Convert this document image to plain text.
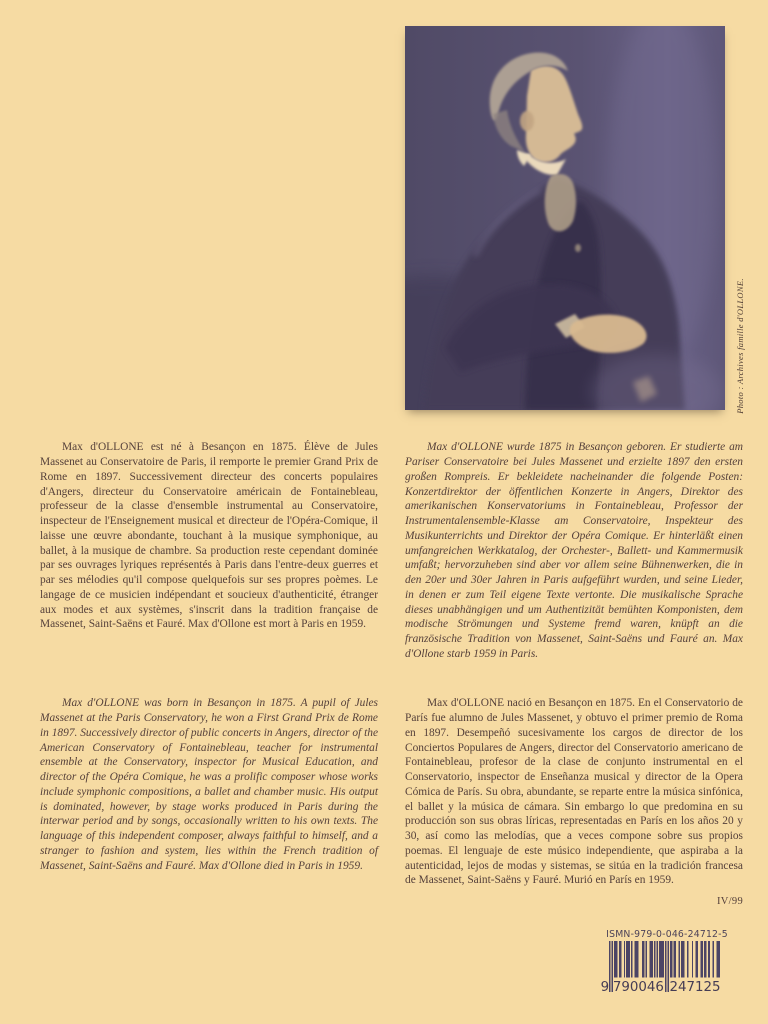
Photo : Archives famille d'OLLONE.

Max d'OLLONE est né à Besançon en 1875. Élève de Jules Massenet au Conservatoire de Paris, il remporte le premier Grand Prix de Rome en 1897. Successivement directeur des concerts populaires d'Angers, directeur du Conservatoire américain de Fontainebleau, professeur de la classe d'ensemble instrumental au Conservatoire, inspecteur de l'Enseignement musical et directeur de l'Opéra-Comique, il laisse une œuvre abondante, touchant à la musique symphonique, au ballet, à la musique de chambre. Sa production reste cependant dominée par ses ouvrages lyriques représentés à Paris dans l'entre-deux guerres et par ses mélodies qu'il compose quelquefois sur ses propres poèmes. Le langage de ce musicien indépendant et soucieux d'authenticité, étranger aux modes et aux systèmes, s'inscrit dans la tradition française de Massenet, Saint-Saëns et Fauré. Max d'Ollone est mort à Paris en 1959.

Max d'OLLONE wurde 1875 in Besançon geboren. Er studierte am Pariser Conservatoire bei Jules Massenet und erzielte 1897 den ersten großen Rompreis. Er bekleidete nacheinander die folgende Posten: Konzertdirektor der öffentlichen Konzerte in Angers, Direktor des amerikanischen Konservatoriums in Fontainebleau, Professor der Instrumentalensemble-Klasse am Conservatoire, Inspekteur des Musikunterrichts und Direktor der Opéra Comique. Er hinterläßt einen umfangreichen Werkkatalog, der Orchester-, Ballett- und Kammermusik umfaßt; hervorzuheben sind aber vor allem seine Bühnenwerken, die in den 20er und 30er Jahren in Paris aufgeführt wurden, und seine Lieder, in denen er zum Teil eigene Texte vertonte. Die musikalische Sprache dieses unabhängigen und um Authentizität bemühten Komponisten, dem modische Strömungen und Systeme fremd waren, knüpft an die französische Tradition von Massenet, Saint-Saëns und Fauré an. Max d'Ollone starb 1959 in Paris.

Max d'OLLONE was born in Besançon in 1875. A pupil of Jules Massenet at the Paris Conservatory, he won a First Grand Prix de Rome in 1897. Successively director of public concerts in Angers, director of the American Conservatory of Fontainebleau, teacher for instrumental ensemble at the Conservatory, inspector for Musical Education, and director of the Opéra Comique, he was a prolific composer whose works include symphonic compositions, a ballet and chamber music. His output is dominated, however, by stage works produced in Paris during the interwar period and by songs, occasionally written to his own texts. The language of this independent composer, always faithful to himself, and a stranger to fashion and system, lies within the French tradition of Massenet, Saint-Saëns and Fauré. Max d'Ollone died in Paris in 1959.

Max d'OLLONE nació en Besançon en 1875. En el Conservatorio de París fue alumno de Jules Massenet, y obtuvo el primer premio de Roma en 1897. Desempeñó sucesivamente los cargos de director de los Conciertos Populares de Angers, director del Conservatorio americano de Fontainebleau, profesor de la clase de conjunto instrumental en el Conservatorio, inspector de Enseñanza musical y director de la Opera Cómica de París. Su obra, abundante, se reparte entre la música sinfónica, el ballet y la música de cámara. Sin embargo lo que predomina en su producción son sus obras líricas, representadas en París en los años 20 y 30, así como las melodías, que a veces compone sobre sus propios poemas. El lenguaje de este músico independiente, que aspiraba a la autenticidad, lejos de modas y sistemas, se sitúa en la tradición francesa de Massenet, Saint-Saëns y Fauré. Murió en París en 1959.

IV/99
ISMN-979-0-046-24712-5
9 790046 247125
